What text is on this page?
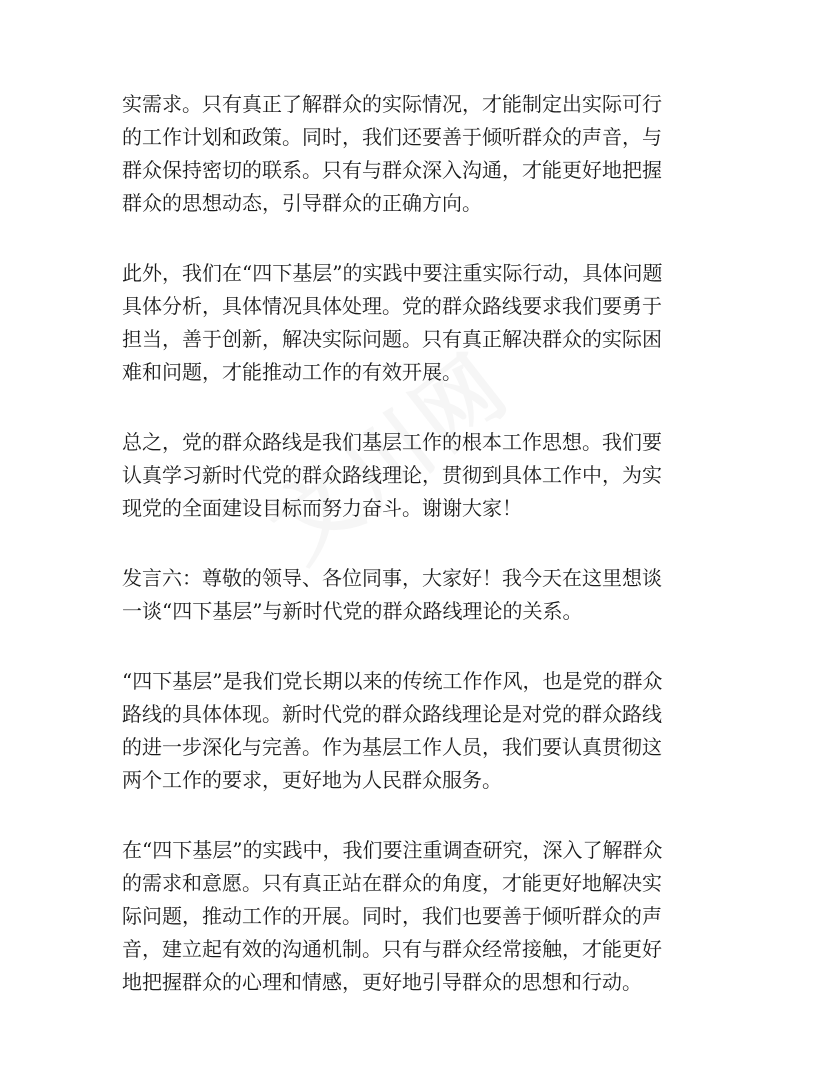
实需求。只有真正了解群众的实际情况，才能制定出实际可行
的工作计划和政策。同时，我们还要善于倾听群众的声音，与
群众保持密切的联系。只有与群众深入沟通，才能更好地把握
群众的思想动态，引导群众的正确方向。

此外，我们在“四下基层”的实践中要注重实际行动，具体问题
具体分析，具体情况具体处理。党的群众路线要求我们要勇于
担当，善于创新，解决实际问题。只有真正解决群众的实际困
难和问题，才能推动工作的有效开展。

总之，党的群众路线是我们基层工作的根本工作思想。我们要
认真学习新时代党的群众路线理论，贯彻到具体工作中，为实
现党的全面建设目标而努力奋斗。谢谢大家！

发言六：尊敬的领导、各位同事，大家好！我今天在这里想谈
一谈“四下基层”与新时代党的群众路线理论的关系。

“四下基层”是我们党长期以来的传统工作作风，也是党的群众
路线的具体体现。新时代党的群众路线理论是对党的群众路线
的进一步深化与完善。作为基层工作人员，我们要认真贯彻这
两个工作的要求，更好地为人民群众服务。

在“四下基层”的实践中，我们要注重调查研究，深入了解群众
的需求和意愿。只有真正站在群众的角度，才能更好地解决实
际问题，推动工作的开展。同时，我们也要善于倾听群众的声
音，建立起有效的沟通机制。只有与群众经常接触，才能更好
地把握群众的心理和情感，更好地引导群众的思想和行动。
